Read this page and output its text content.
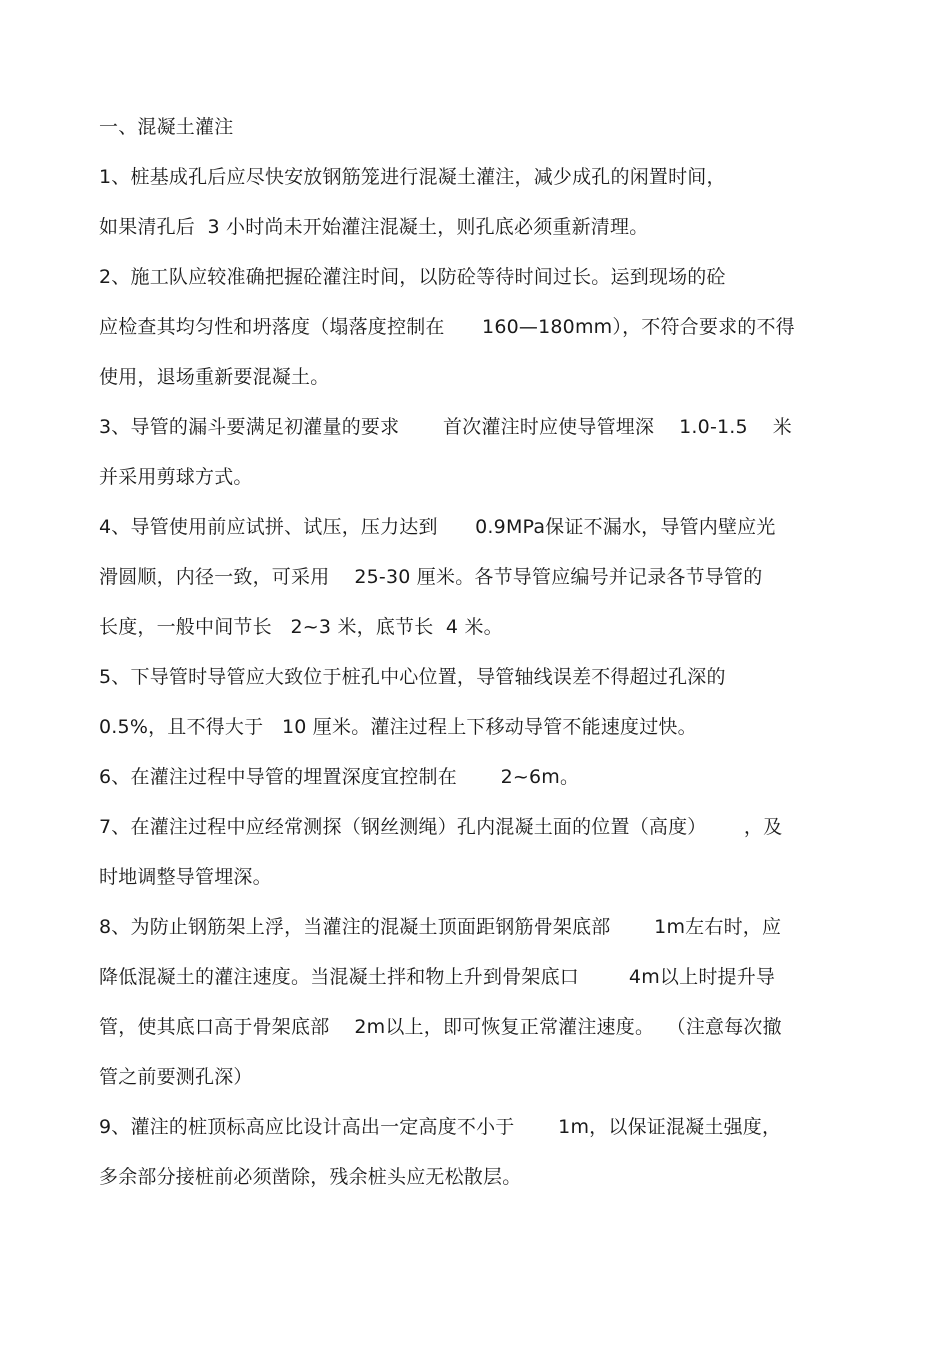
一、混凝土灌注
1、桩基成孔后应尽快安放钢筋笼进行混凝土灌注，减少成孔的闲置时间，
如果清孔后  3 小时尚未开始灌注混凝土，则孔底必须重新清理。
2、施工队应较准确把握砼灌注时间，以防砼等待时间过长。运到现场的砼
应检查其均匀性和坍落度（塌落度控制在      160—180mm），不符合要求的不得
使用，退场重新要混凝土。
3、导管的漏斗要满足初灌量的要求       首次灌注时应使导管埋深    1.0-1.5    米
并采用剪球方式。
4、导管使用前应试拼、试压，压力达到      0.9MPa保证不漏水，导管内壁应光
滑圆顺，内径一致，可采用    25-30 厘米。各节导管应编号并记录各节导管的
长度，一般中间节长   2~3 米，底节长  4 米。
5、下导管时导管应大致位于桩孔中心位置，导管轴线误差不得超过孔深的
0.5%，且不得大于   10 厘米。灌注过程上下移动导管不能速度过快。
6、在灌注过程中导管的埋置深度宜控制在       2~6m。
7、在灌注过程中应经常测探（钢丝测绳）孔内混凝土面的位置（高度）      ，及
时地调整导管埋深。
8、为防止钢筋架上浮，当灌注的混凝土顶面距钢筋骨架底部       1m左右时，应
降低混凝土的灌注速度。当混凝土拌和物上升到骨架底口        4m以上时提升导
管，使其底口高于骨架底部    2m以上，即可恢复正常灌注速度。  （注意每次撤
管之前要测孔深）
9、灌注的桩顶标高应比设计高出一定高度不小于       1m，以保证混凝土强度，
多余部分接桩前必须凿除，残余桩头应无松散层。
